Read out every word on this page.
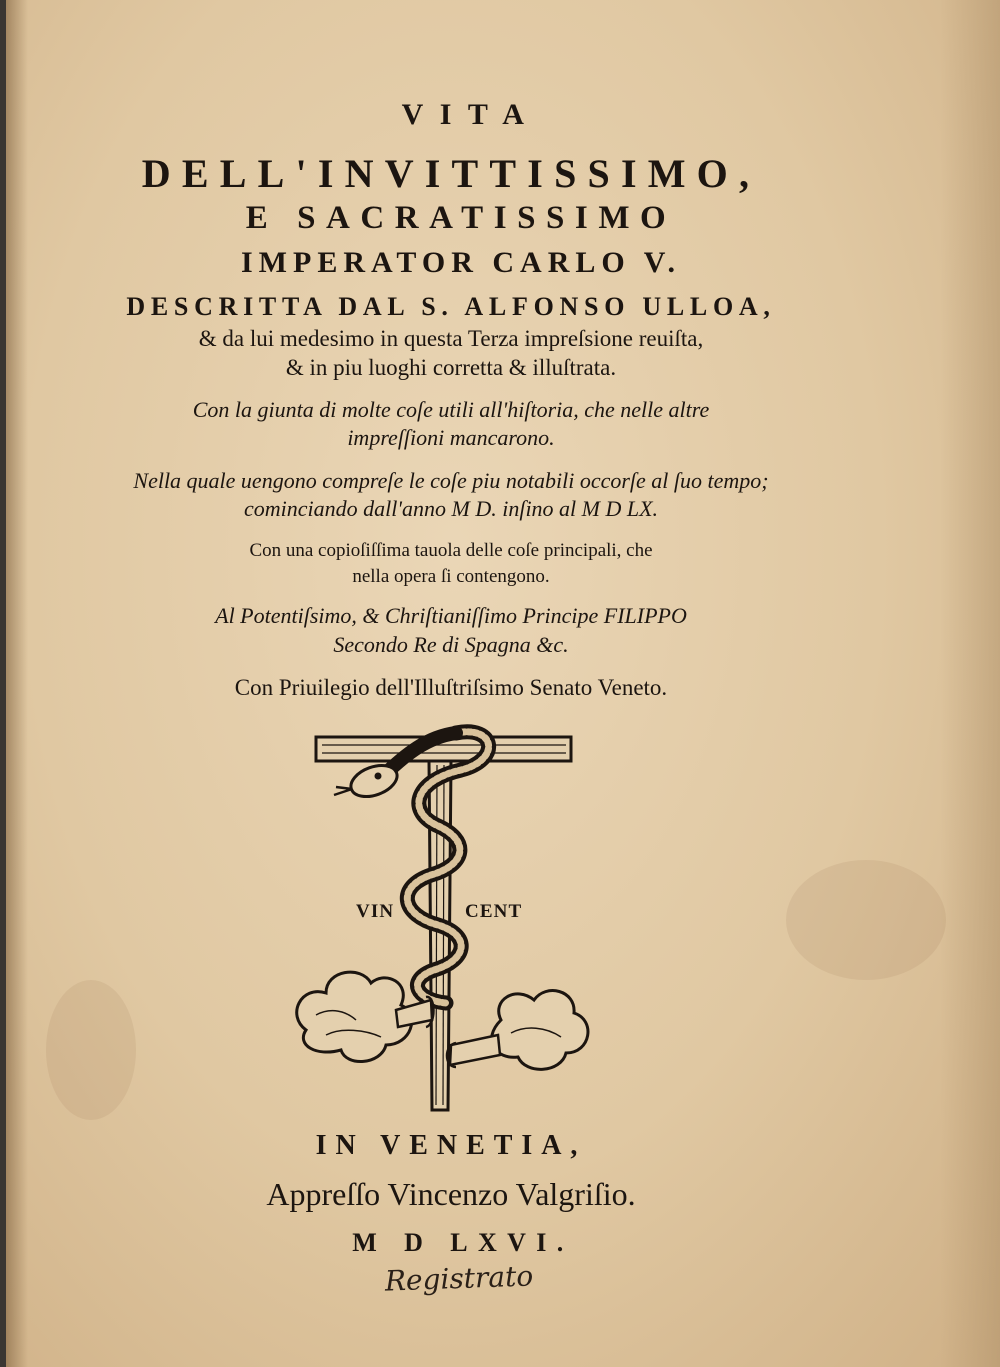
VITA
DELL'INVITTISSIMO,
E SACRATISSIMO
IMPERATOR CARLO V.
DESCRITTA DAL S. ALFONSO ULLOA,
& da lui medesimo in questa Terza impreſsione reuiſta,
& in piu luoghi corretta & illuſtrata.
Con la giunta di molte coſe utili all'hiſtoria, che nelle altre
impreſſioni mancarono.
Nella quale uengono compreſe le coſe piu notabili occorſe al ſuo tempo;
cominciando dall'anno M D. inſino al M D LX.
Con una copioſiſſima tauola delle coſe principali, che
nella opera ſi contengono.
Al Potentiſsimo, & Chriſtianiſſimo Principe FILIPPO
Secondo Re di Spagna &c.
Con Priuilegio dell'Illuſtriſsimo Senato Veneto.
VIN	CENT
IN VENETIA,
Appreſſo Vincenzo Valgriſio.
M D LXVI.
Registrato
